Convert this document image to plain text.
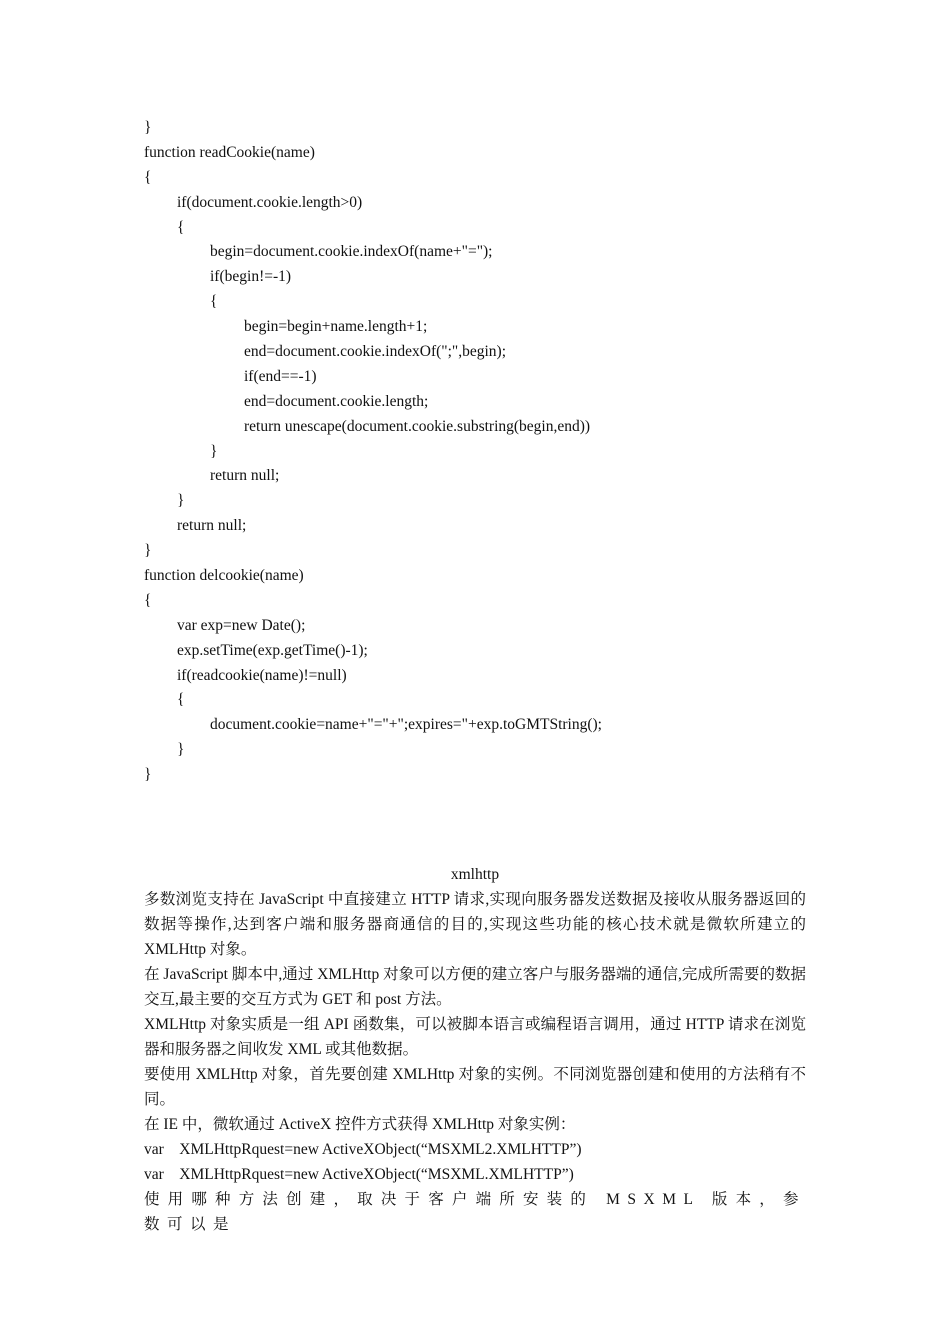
}
function readCookie(name)
{
if(document.cookie.length>0)
{
begin=document.cookie.indexOf(name+"=");
if(begin!=-1)
{
begin=begin+name.length+1;
end=document.cookie.indexOf(";",begin);
if(end==-1)
end=document.cookie.length;
return unescape(document.cookie.substring(begin,end))
}
return null;
}
return null;
}
function delcookie(name)
{
var exp=new Date();
exp.setTime(exp.getTime()-1);
if(readcookie(name)!=null)
{
document.cookie=name+"="+";expires="+exp.toGMTString();
}
}
xmlhttp
多数浏览支持在 JavaScript 中直接建立 HTTP 请求,实现向服务器发送数据及接收从服务器返回的数据等操作,达到客户端和服务器商通信的目的,实现这些功能的核心技术就是微软所建立的 XMLHttp 对象。
在 JavaScript 脚本中,通过 XMLHttp 对象可以方便的建立客户与服务器端的通信,完成所需要的数据交互,最主要的交互方式为 GET 和 post 方法。
XMLHttp 对象实质是一组 API 函数集，可以被脚本语言或编程语言调用，通过 HTTP 请求在浏览器和服务器之间收发 XML 或其他数据。
要使用 XMLHttp 对象，首先要创建 XMLHttp 对象的实例。不同浏览器创建和使用的方法稍有不同。
在 IE 中，微软通过 ActiveX 控件方式获得 XMLHttp 对象实例：
var    XMLHttpRquest=new ActiveXObject(“MSXML2.XMLHTTP”)
var    XMLHttpRquest=new ActiveXObject(“MSXML.XMLHTTP”)
使用哪种方法创建，取决于客户端所安装的 MSXML 版本，参数可以是
